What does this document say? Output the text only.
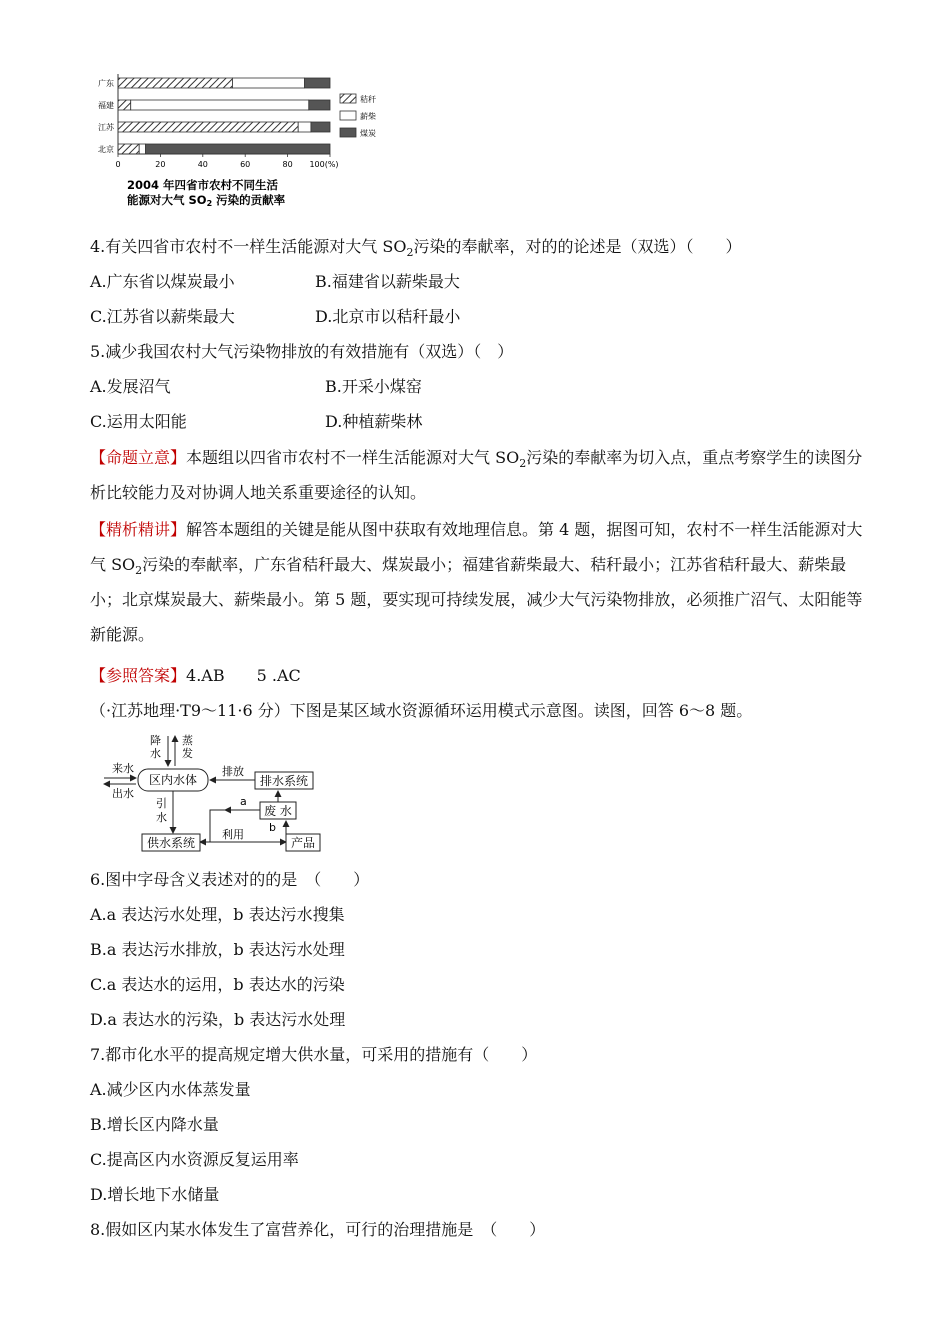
广东
福建
江苏
北京
0	20	40	60	80 100(%)
秸秆
薪柴
煤炭
2004 年四省市农村不同生活
能源对大气 SO2 污染的贡献率
4.有关四省市农村不一样生活能源对大气 $SO_2$污染的奉献率，对的的论述是（双选）（　　）
A.广东省以煤炭最小	B.福建省以薪柴最大
C.江苏省以薪柴最大	D.北京市以秸秆最小
5.减少我国农村大气污染物排放的有效措施有（双选）（　）
A.发展沼气	B.开采小煤窑
C.运用太阳能	D.种植薪柴林
【命题立意】本题组以四省市农村不一样生活能源对大气 $SO_2$污染的奉献率为切入点，重点考察学生的读图分析比较能力及对协调人地关系重要途径的认知。
【精析精讲】解答本题组的关键是能从图中获取有效地理信息。第 4 题，据图可知，农村不一样生活能源对大气 $SO_2$污染的奉献率，广东省秸秆最大、煤炭最小；福建省薪柴最大、秸秆最小；江苏省秸秆最大、薪柴最小；北京煤炭最大、薪柴最小。第 5 题，要实现可持续发展，减少大气污染物排放，必须推广沼气、太阳能等新能源。
【参照答案】4.AB　　5 .AC
（·江苏地理·T9～11·6 分）下图是某区域水资源循环运用模式示意图。读图，回答 6～8 题。
降
水
蒸
发
来水
出水
区内水体
排放
排水系统
废 水
a
引
水
供水系统
利用
b
产品
6.图中字母含义表述对的的是　（　　）
A.a 表达污水处理，b 表达污水搜集
B.a 表达污水排放，b 表达污水处理
C.a 表达水的运用，b 表达水的污染
D.a 表达水的污染，b 表达污水处理
7.都市化水平的提高规定增大供水量，可采用的措施有（　　）
A.减少区内水体蒸发量
B.增长区内降水量
C.提高区内水资源反复运用率
D.增长地下水储量
8.假如区内某水体发生了富营养化，可行的治理措施是　（　　）
